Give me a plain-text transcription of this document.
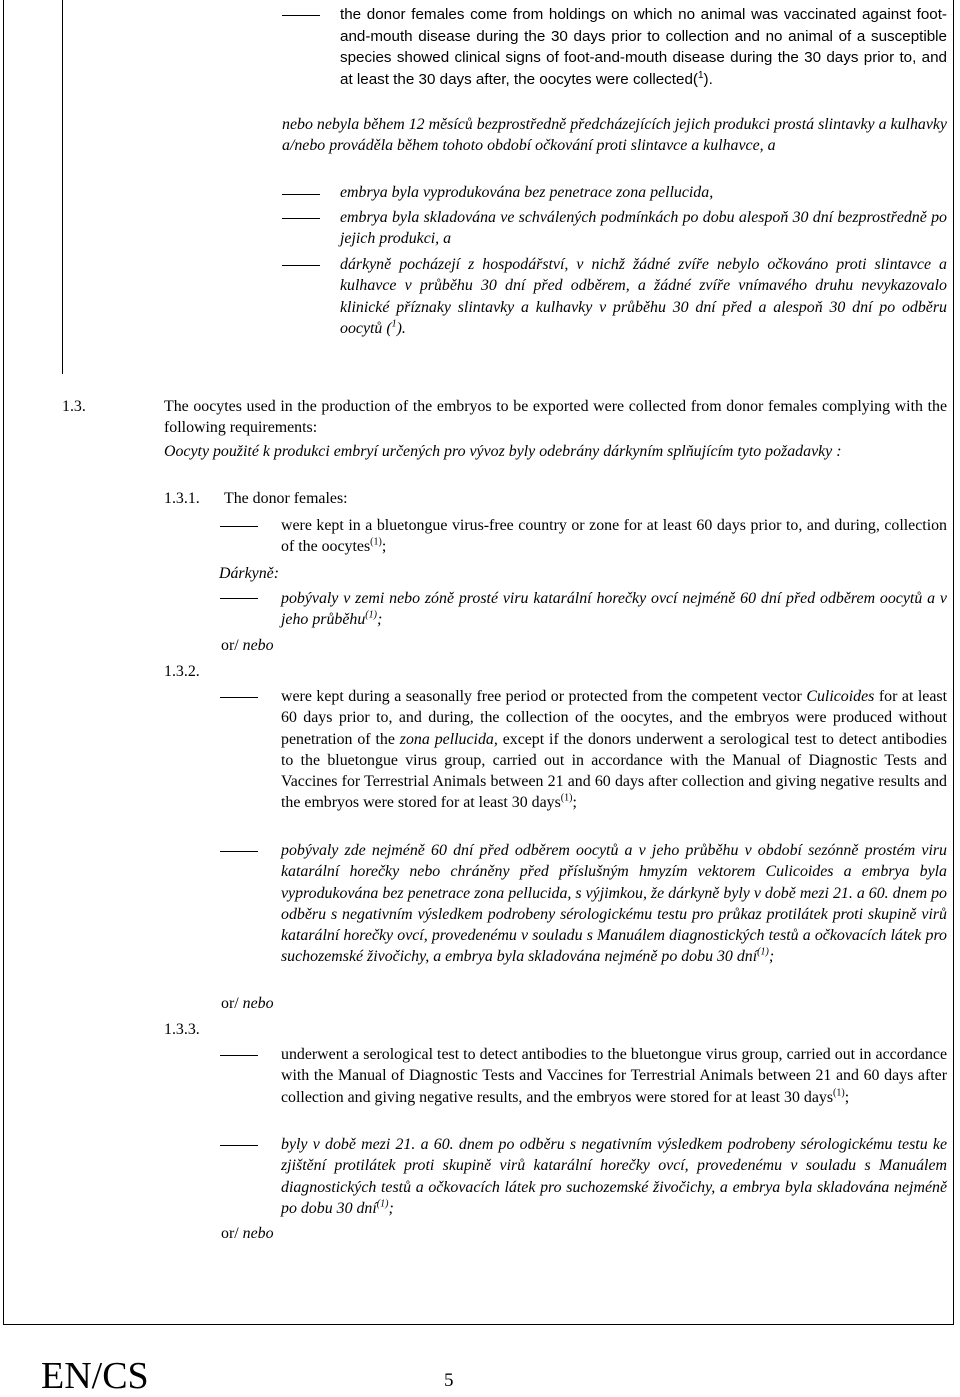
the donor females come from holdings on which no animal was vaccinated against foot-and-mouth disease during the 30 days prior to collection and no animal of a susceptible species showed clinical signs of foot-and-mouth disease during the 30 days prior to, and at least the 30 days after, the oocytes were collected($^1$).

nebo nebyla během 12 měsíců bezprostředně předcházejících jejich produkci prostá slintavky a kulhavky a/nebo prováděla během tohoto období očkování proti slintavce a kulhavce, a

embrya byla vyprodukována bez penetrace zona pellucida,

embrya byla skladována ve schválených podmínkách po dobu alespoň 30 dní bezprostředně po jejich produkci, a

dárkyně pocházejí z hospodářství, v nichž žádné zvíře nebylo očkováno proti slintavce a kulhavce v průběhu 30 dní před odběrem, a žádné zvíře vnímavého druhu nevykazovalo klinické příznaky slintavky a kulhavky v průběhu 30 dní před a alespoň 30 dní po odběru oocytů ($^1$).

1.3.	The oocytes used in the production of the embryos to be exported were collected from donor females complying with the following requirements:

Oocyty použité k produkci embryí určených pro vývoz byly odebrány dárkyním splňujícím tyto požadavky :

1.3.1. The donor females:

were kept in a bluetongue virus-free country or zone for at least 60 days prior to, and during, collection of the oocytes$^{(1)}$;

Dárkyně:

pobývaly v zemi nebo zóně prosté viru katarální horečky ovcí nejméně 60 dní před odběrem oocytů a v jeho průběhu$^{(1)}$;

or/ nebo

1.3.2.

were kept during a seasonally free period or protected from the competent vector Culicoides for at least 60 days prior to, and during, the collection of the oocytes, and the embryos were produced without penetration of the zona pellucida, except if the donors underwent a serological test to detect antibodies to the bluetongue virus group, carried out in accordance with the Manual of Diagnostic Tests and Vaccines for Terrestrial Animals between 21 and 60 days after collection and giving negative results and the embryos were stored for at least 30 days$^{(1)}$;

pobývaly zde nejméně 60 dní před odběrem oocytů a v jeho průběhu v období sezónně prostém viru katarální horečky nebo chráněny před příslušným hmyzím vektorem Culicoides a embrya byla vyprodukována bez penetrace zona pellucida, s výjimkou, že dárkyně byly v době mezi 21. a 60. dnem po odběru s negativním výsledkem podrobeny sérologickému testu pro průkaz protilátek proti skupině virů katarální horečky ovcí, provedenému v souladu s Manuálem diagnostických testů a očkovacích látek pro suchozemské živočichy, a embrya byla skladována nejméně po dobu 30 dní$^{(1)}$;

or/ nebo

1.3.3.

underwent a serological test to detect antibodies to the bluetongue virus group, carried out in accordance with the Manual of Diagnostic Tests and Vaccines for Terrestrial Animals between 21 and 60 days after collection and giving negative results, and the embryos were stored for at least 30 days$^{(1)}$;

byly v době mezi 21. a 60. dnem po odběru s negativním výsledkem podrobeny sérologickému testu ke zjištění protilátek proti skupině virů katarální horečky ovcí, provedenému v souladu s Manuálem diagnostických testů a očkovacích látek pro suchozemské živočichy, a embrya byla skladována nejméně po dobu 30 dní$^{(1)}$;

or/ nebo

EN/CS	5
